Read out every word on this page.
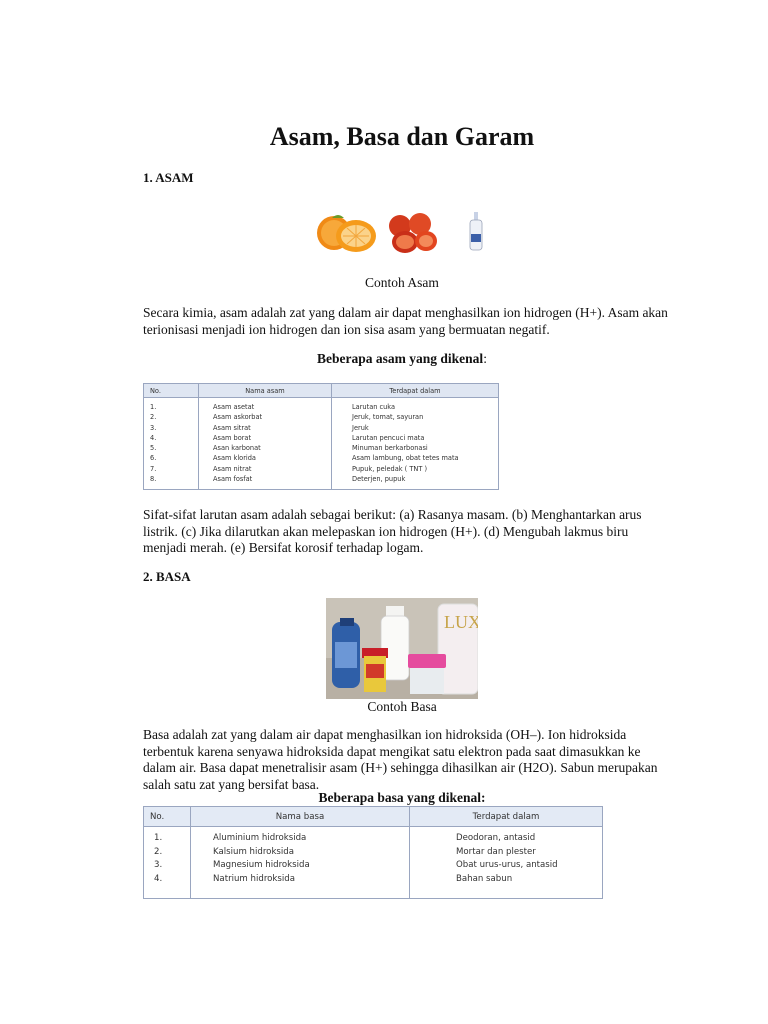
Asam, Basa dan Garam
1. ASAM
Contoh Asam

Secara kimia, asam adalah zat yang dalam air dapat menghasilkan ion hidrogen (H+). Asam akan terionisasi menjadi ion hidrogen dan ion sisa asam yang bermuatan negatif.

Beberapa asam yang dikenal:
No.	Nama asam	Terdapat dalam
1.	Asam asetat	Larutan cuka
2.	Asam askorbat	Jeruk, tomat, sayuran
3.	Asam sitrat	Jeruk
4.	Asam borat	Larutan pencuci mata
5.	Asan karbonat	Minuman berkarbonasi
6.	Asam klorida	Asam lambung, obat tetes mata
7.	Asam nitrat	Pupuk, peledak ( TNT )
8.	Asam fosfat	Deterjen, pupuk

Sifat-sifat larutan asam adalah sebagai berikut: (a) Rasanya masam. (b) Menghantarkan arus listrik. (c) Jika dilarutkan akan melepaskan ion hidrogen (H+). (d) Mengubah lakmus biru menjadi merah. (e) Bersifat korosif terhadap logam.

2. BASA
LUX
Contoh Basa

Basa adalah zat yang dalam air dapat menghasilkan ion hidroksida (OH–). Ion hidroksida terbentuk karena senyawa hidroksida dapat mengikat satu elektron pada saat dimasukkan ke dalam air. Basa dapat menetralisir asam (H+) sehingga dihasilkan air (H2O). Sabun merupakan salah satu zat yang bersifat basa.

Beberapa basa yang dikenal:
No.	Nama basa	Terdapat dalam
1.	Aluminium hidroksida	Deodoran, antasid
2.	Kalsium hidroksida	Mortar dan plester
3.	Magnesium hidroksida	Obat urus-urus, antasid
4.	Natrium hidroksida	Bahan sabun
